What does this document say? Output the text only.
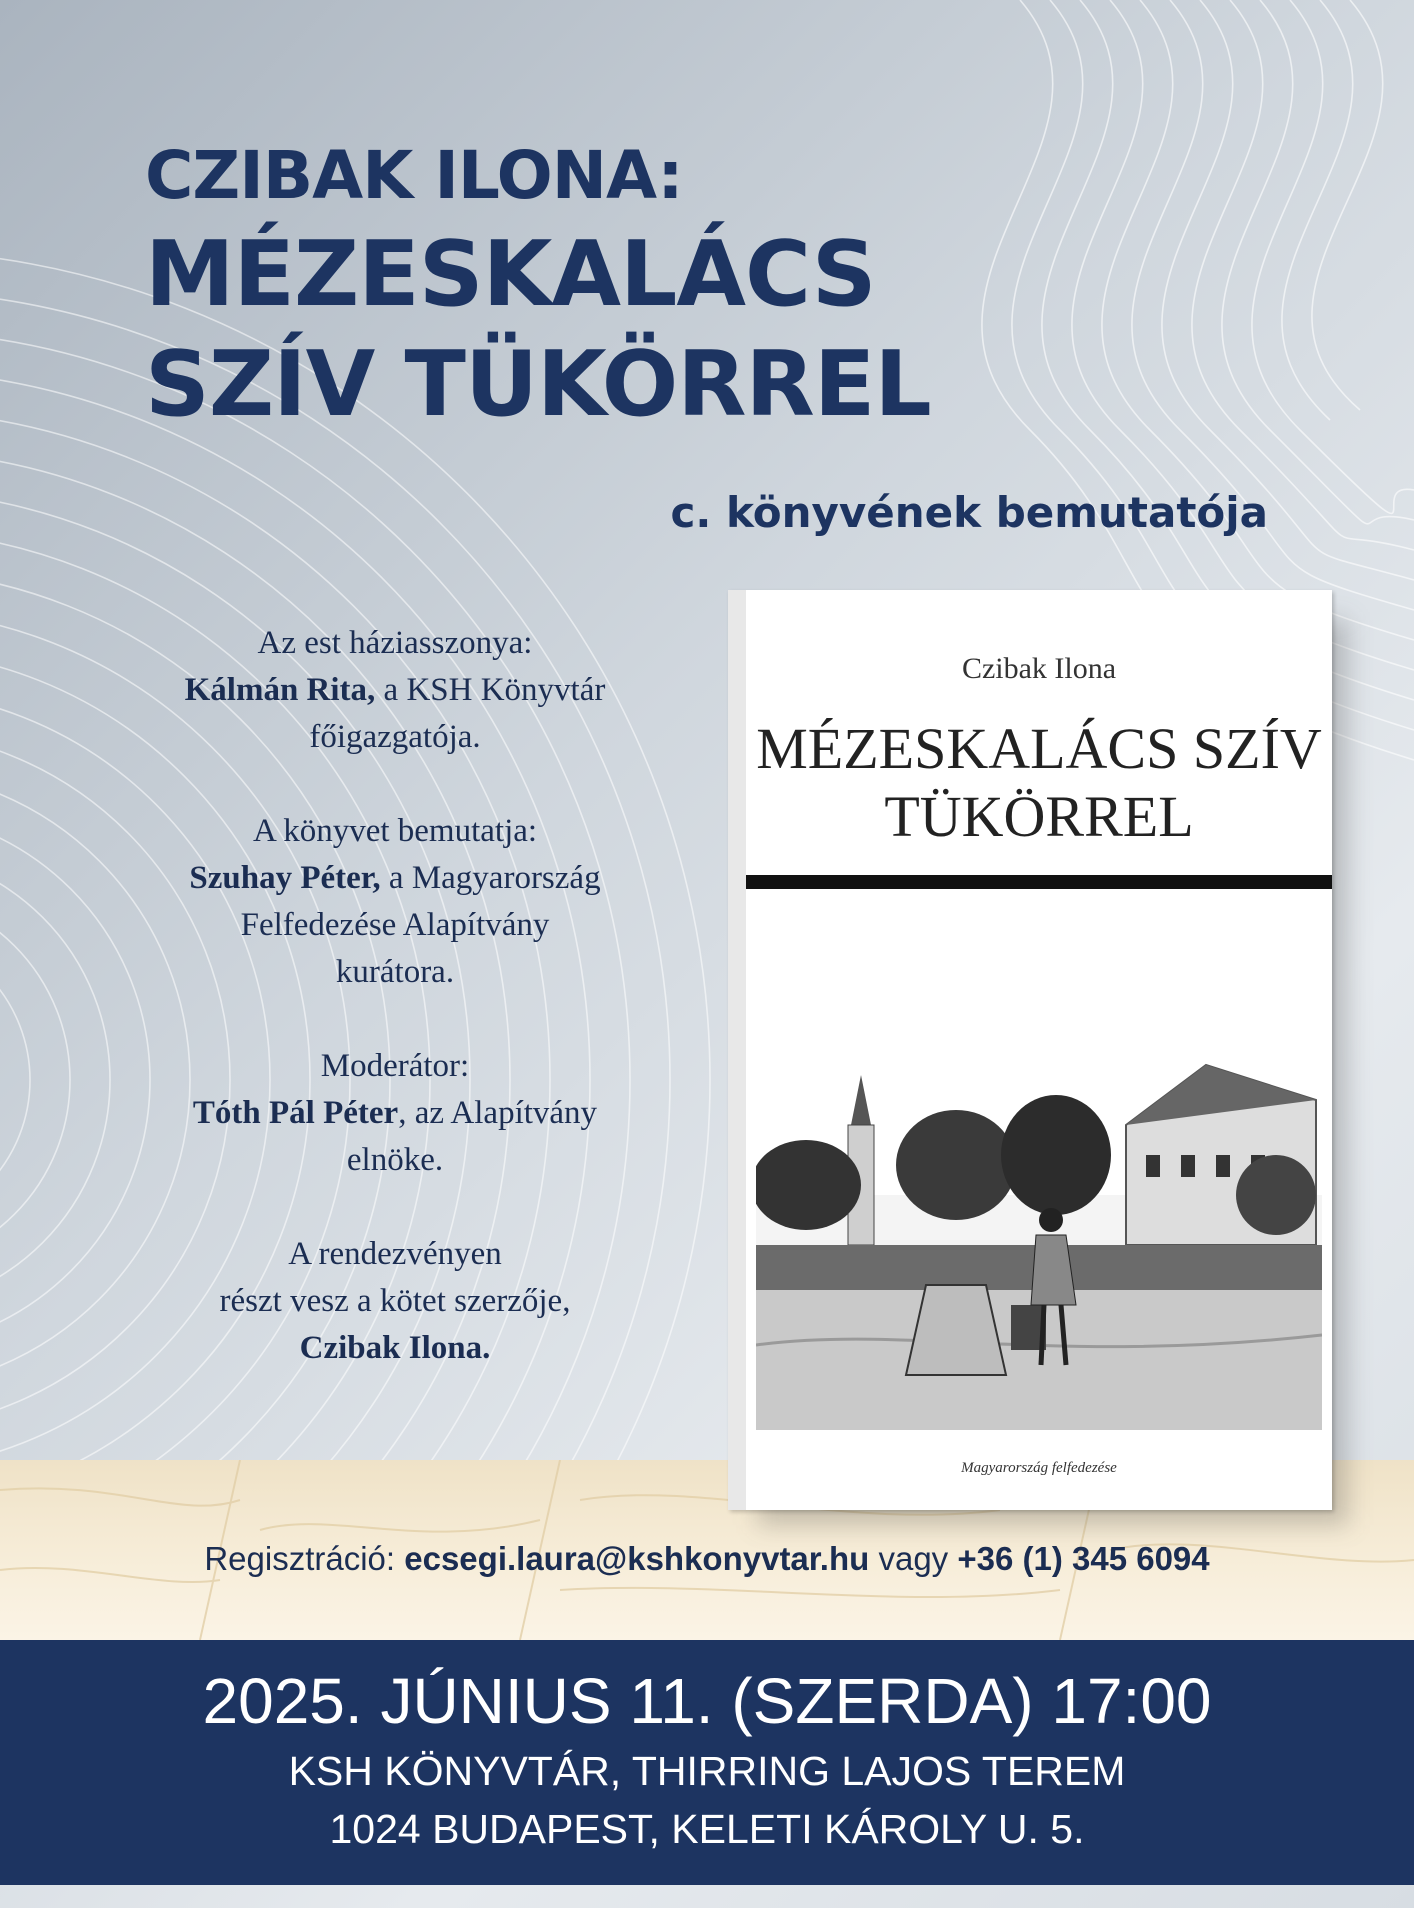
CZIBAK ILONA:
MÉZESKALÁCS
SZÍV TÜKÖRREL
c. könyvének bemutatója

Az est háziasszonya:
Kálmán Rita, a KSH Könyvtár
főigazgatója.

A könyvet bemutatja:
Szuhay Péter, a Magyarország
Felfedezése Alapítvány
kurátora.

Moderátor:
Tóth Pál Péter, az Alapítvány
elnöke.

A rendezvényen
részt vesz a kötet szerzője,
Czibak Ilona.

Czibak Ilona
MÉZESKALÁCS SZÍV
TÜKÖRREL
Magyarország felfedezése
Regisztráció: ecsegi.laura@kshkonyvtar.hu vagy +36 (1) 345 6094
2025. JÚNIUS 11. (SZERDA) 17:00
KSH KÖNYVTÁR, THIRRING LAJOS TEREM
1024 BUDAPEST, KELETI KÁROLY U. 5.
